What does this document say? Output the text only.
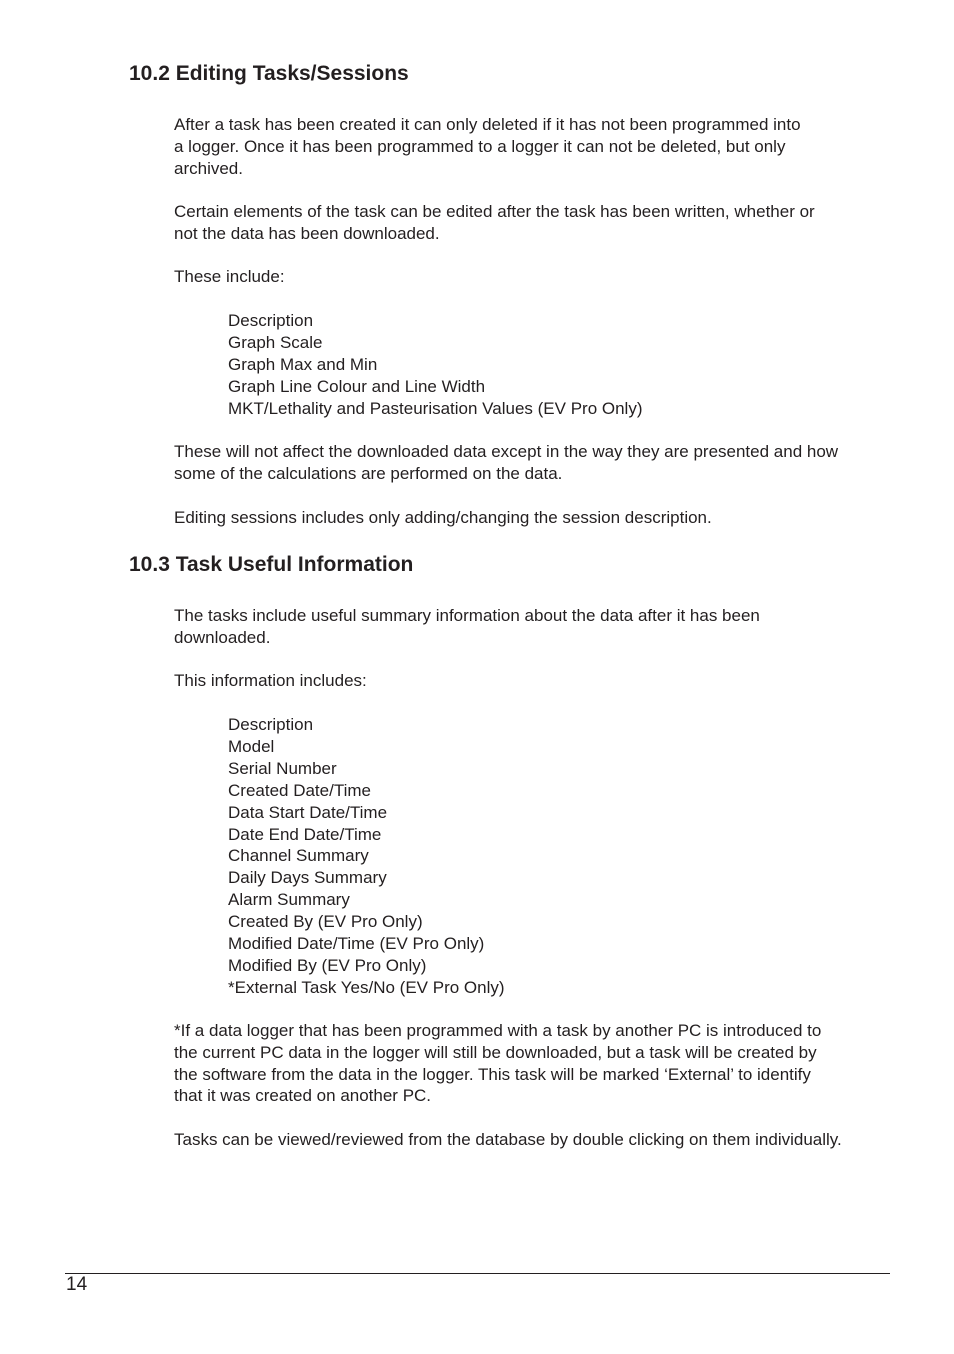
10.2 Editing Tasks/Sessions

After a task has been created it can only deleted if it has not been programmed into
a logger. Once it has been programmed to a logger it can not be deleted, but only
archived.

Certain elements of the task can be edited after the task has been written, whether or
not the data has been downloaded.

These include:

Description
Graph Scale
Graph Max and Min
Graph Line Colour and Line Width
MKT/Lethality and Pasteurisation Values (EV Pro Only)

These will not affect the downloaded data except in the way they are presented and how
some of the calculations are performed on the data.

Editing sessions includes only adding/changing the session description.

10.3 Task Useful Information

The tasks include useful summary information about the data after it has been
downloaded.

This information includes:

Description
Model
Serial Number
Created Date/Time
Data Start Date/Time
Date End Date/Time
Channel Summary
Daily Days Summary
Alarm Summary
Created By (EV Pro Only)
Modified Date/Time (EV Pro Only)
Modified By (EV Pro Only)
*External Task Yes/No (EV Pro Only)

*If a data logger that has been programmed with a task by another PC is introduced to
the current PC data in the logger will still be downloaded, but a task will be created by
the software from the data in the logger. This task will be marked ‘External’ to identify
that it was created on another PC.

Tasks can be viewed/reviewed from the database by double clicking on them individually.

14
